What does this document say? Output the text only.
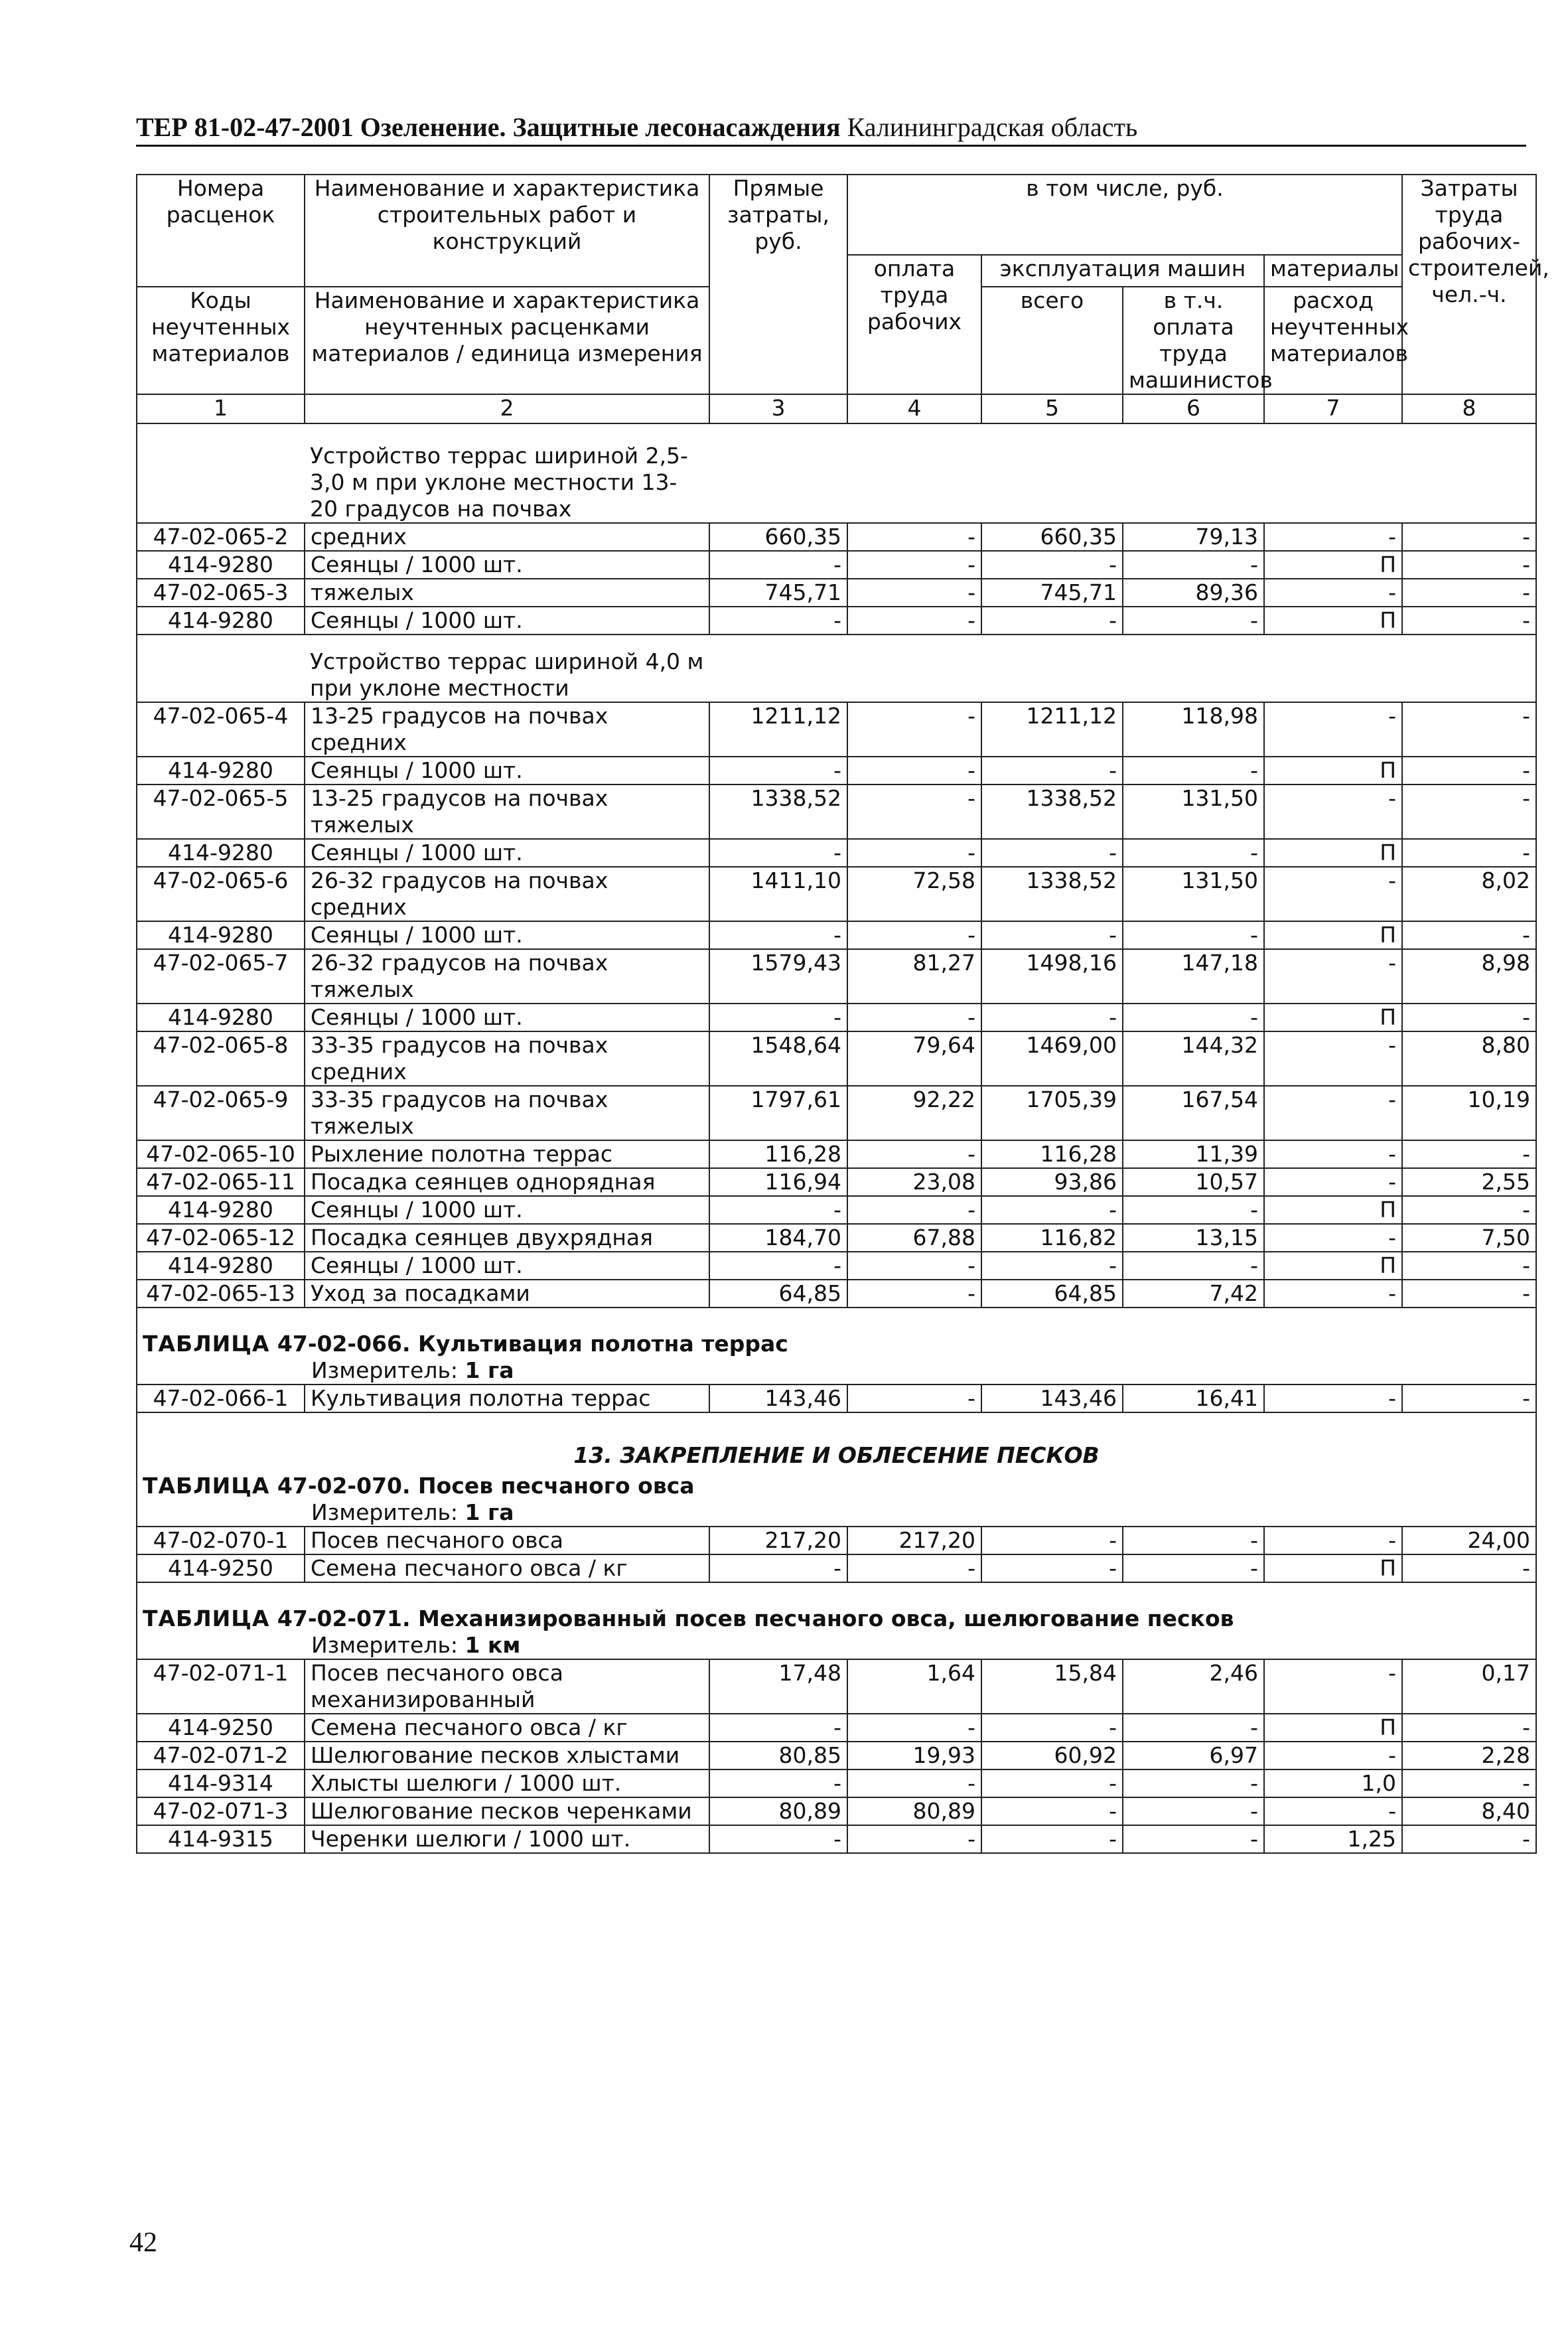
ТЕР 81-02-47-2001 Озеленение. Защитные лесонасаждения Калининградская область
Номера расценок	Наименование и характеристика строительных работ и конструкций	Прямые затраты, руб.	в том числе, руб.				Затраты труда рабочих-строителей, чел.-ч.
			оплата труда рабочих	эксплуатация машин		материалы	
Коды неучтенных материалов	Наименование и характеристика неучтенных расценками материалов / единица измерения			всего	в т.ч. оплата труда машинистов	расход неучтенных материалов	
1	2	3	4	5	6	7	8
	Устройство террас шириной 2,5-3,0 м при уклоне местности 13-20 градусов на почвах						
47-02-065-2	средних	660,35	-	660,35	79,13	-	-
414-9280	Сеянцы / 1000 шт.	-	-	-	-	П	-
47-02-065-3	тяжелых	745,71	-	745,71	89,36	-	-
414-9280	Сеянцы / 1000 шт.	-	-	-	-	П	-
	Устройство террас шириной 4,0 м при уклоне местности						
47-02-065-4	13-25 градусов на почвах средних	1211,12	-	1211,12	118,98	-	-
414-9280	Сеянцы / 1000 шт.	-	-	-	-	П	-
47-02-065-5	13-25 градусов на почвах тяжелых	1338,52	-	1338,52	131,50	-	-
414-9280	Сеянцы / 1000 шт.	-	-	-	-	П	-
47-02-065-6	26-32 градусов на почвах средних	1411,10	72,58	1338,52	131,50	-	8,02
414-9280	Сеянцы / 1000 шт.	-	-	-	-	П	-
47-02-065-7	26-32 градусов на почвах тяжелых	1579,43	81,27	1498,16	147,18	-	8,98
414-9280	Сеянцы / 1000 шт.	-	-	-	-	П	-
47-02-065-8	33-35 градусов на почвах средних	1548,64	79,64	1469,00	144,32	-	8,80
47-02-065-9	33-35 градусов на почвах тяжелых	1797,61	92,22	1705,39	167,54	-	10,19
47-02-065-10	Рыхление полотна террас	116,28	-	116,28	11,39	-	-
47-02-065-11	Посадка сеянцев однорядная	116,94	23,08	93,86	10,57	-	2,55
414-9280	Сеянцы / 1000 шт.	-	-	-	-	П	-
47-02-065-12	Посадка сеянцев двухрядная	184,70	67,88	116,82	13,15	-	7,50
414-9280	Сеянцы / 1000 шт.	-	-	-	-	П	-
47-02-065-13	Уход за посадками	64,85	-	64,85	7,42	-	-
ТАБЛИЦА 47-02-066. Культивация полотна террас							
Измеритель: 1 га							
47-02-066-1	Культивация полотна террас	143,46	-	143,46	16,41	-	-
13. ЗАКРЕПЛЕНИЕ И ОБЛЕСЕНИЕ ПЕСКОВ							
ТАБЛИЦА 47-02-070. Посев песчаного овса							
Измеритель: 1 га							
47-02-070-1	Посев песчаного овса	217,20	217,20	-	-	-	24,00
414-9250	Семена песчаного овса / кг	-	-	-	-	П	-
ТАБЛИЦА 47-02-071. Механизированный посев песчаного овса, шелюгование песков							
Измеритель: 1 км							
47-02-071-1	Посев песчаного овса механизированный	17,48	1,64	15,84	2,46	-	0,17
414-9250	Семена песчаного овса / кг	-	-	-	-	П	-
47-02-071-2	Шелюгование песков хлыстами	80,85	19,93	60,92	6,97	-	2,28
414-9314	Хлысты шелюги / 1000 шт.	-	-	-	-	1,0	-
47-02-071-3	Шелюгование песков черенками	80,89	80,89	-	-	-	8,40
414-9315	Черенки шелюги / 1000 шт.	-	-	-	-	1,25	-
42
